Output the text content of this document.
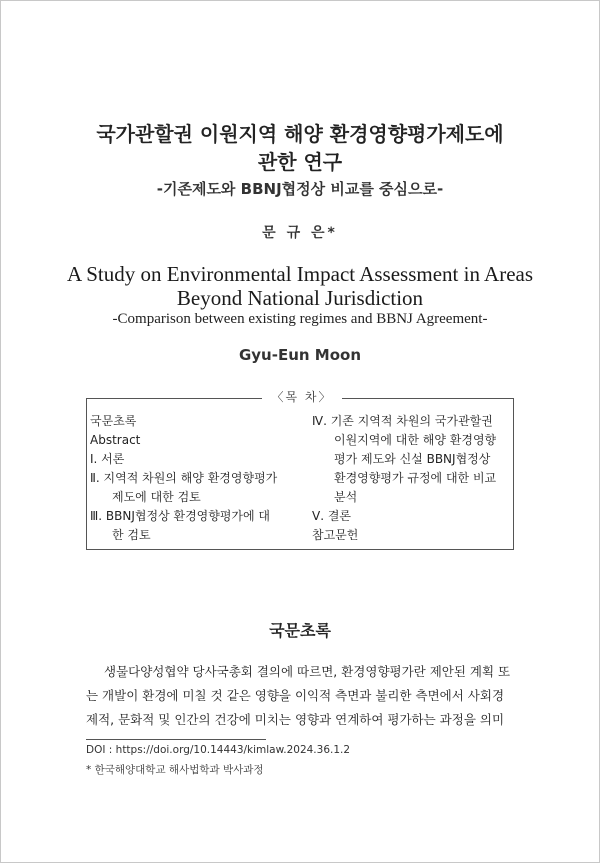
국가관할권 이원지역 해양 환경영향평가제도에
관한 연구
-기존제도와 BBNJ협정상 비교를 중심으로-
문 규 은*
A Study on Environmental Impact Assessment in Areas
Beyond National Jurisdiction
-Comparison between existing regimes and BBNJ Agreement-
Gyu-Eun Moon
〈목 차〉
국문초록
Abstract
Ⅰ. 서론
Ⅱ. 지역적 차원의 해양 환경영향평가
제도에 대한 검토
Ⅲ. BBNJ협정상 환경영향평가에 대
한 검토
Ⅳ. 기존 지역적 차원의 국가관할권
이원지역에 대한 해양 환경영향
평가 제도와 신설 BBNJ협정상
환경영향평가 규정에 대한 비교
분석
Ⅴ. 결론
참고문헌
국문초록
생물다양성협약 당사국총회 결의에 따르면, 환경영향평가란 제안된 계획 또
는 개발이 환경에 미칠 것 같은 영향을 이익적 측면과 불리한 측면에서 사회경
제적, 문화적 및 인간의 건강에 미치는 영향과 연계하여 평가하는 과정을 의미
DOI : https://doi.org/10.14443/kimlaw.2024.36.1.2
* 한국해양대학교 해사법학과 박사과정
